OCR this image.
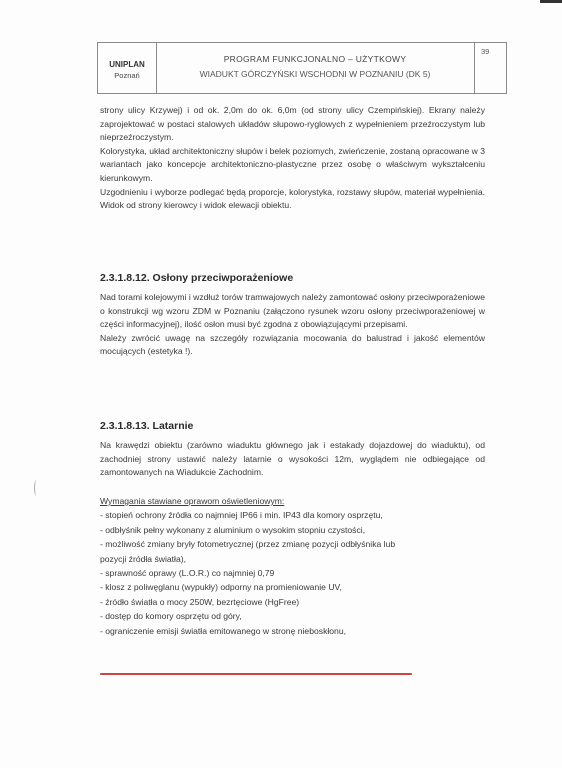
UNIPLAN
Poznań
PROGRAM FUNKCJONALNO – UŻYTKOWY
WIADUKT GÓRCZYŃSKI WSCHODNI W POZNANIU (DK 5)
39

strony ulicy Krzywej) i od ok. 2,0m do ok. 6,0m (od strony ulicy Czempińskiej). Ekrany należy zaprojektować w postaci stalowych układów słupowo-ryglowych z wypełnieniem przeźroczystym lub nieprzeźroczystym.

Kolorystyka, układ architektoniczny słupów i belek poziomych, zwieńczenie, zostaną opracowane w 3 wariantach jako koncepcje architektoniczno-plastyczne przez osobę o właściwym wykształceniu kierunkowym.

Uzgodnieniu i wyborze podlegać będą proporcje, kolorystyka, rozstawy słupów, materiał wypełnienia. Widok od strony kierowcy i widok elewacji obiektu.

2.3.1.8.12. Osłony przeciwporażeniowe

Nad torami kolejowymi i wzdłuż torów tramwajowych należy zamontować osłony przeciwporażeniowe o konstrukcji wg wzoru ZDM w Poznaniu (załączono rysunek wzoru osłony przeciwporażeniowej w części informacyjnej), ilość osłon musi być zgodna z obowiązującymi przepisami.

Należy zwrócić uwagę na szczegóły rozwiązania mocowania do balustrad i jakość elementów mocujących (estetyka !).

2.3.1.8.13. Latarnie

Na krawędzi obiektu (zarówno wiaduktu głównego jak i estakady dojazdowej do wiaduktu), od zachodniej strony ustawić należy latarnie o wysokości 12m, wyglądem nie odbiegające od zamontowanych na Wiadukcie Zachodnim.

Wymagania stawiane oprawom oświetleniowym:
- stopień ochrony źródła co najmniej IP66 i min. IP43 dla komory osprzętu,
- odbłyśnik pełny wykonany z aluminium o wysokim stopniu czystości,
- możliwość zmiany bryły fotometrycznej (przez zmianę pozycji odbłyśnika lub
pozycji źródła światła),
- sprawność oprawy (L.O.R.) co najmniej 0,79
- klosz z poliwęglanu (wypukły) odporny na promieniowanie UV,
- źródło światła o mocy 250W, bezrtęciowe (HgFree)
- dostęp do komory osprzętu od góry,
- ograniczenie emisji światła emitowanego w stronę nieboskłonu,
